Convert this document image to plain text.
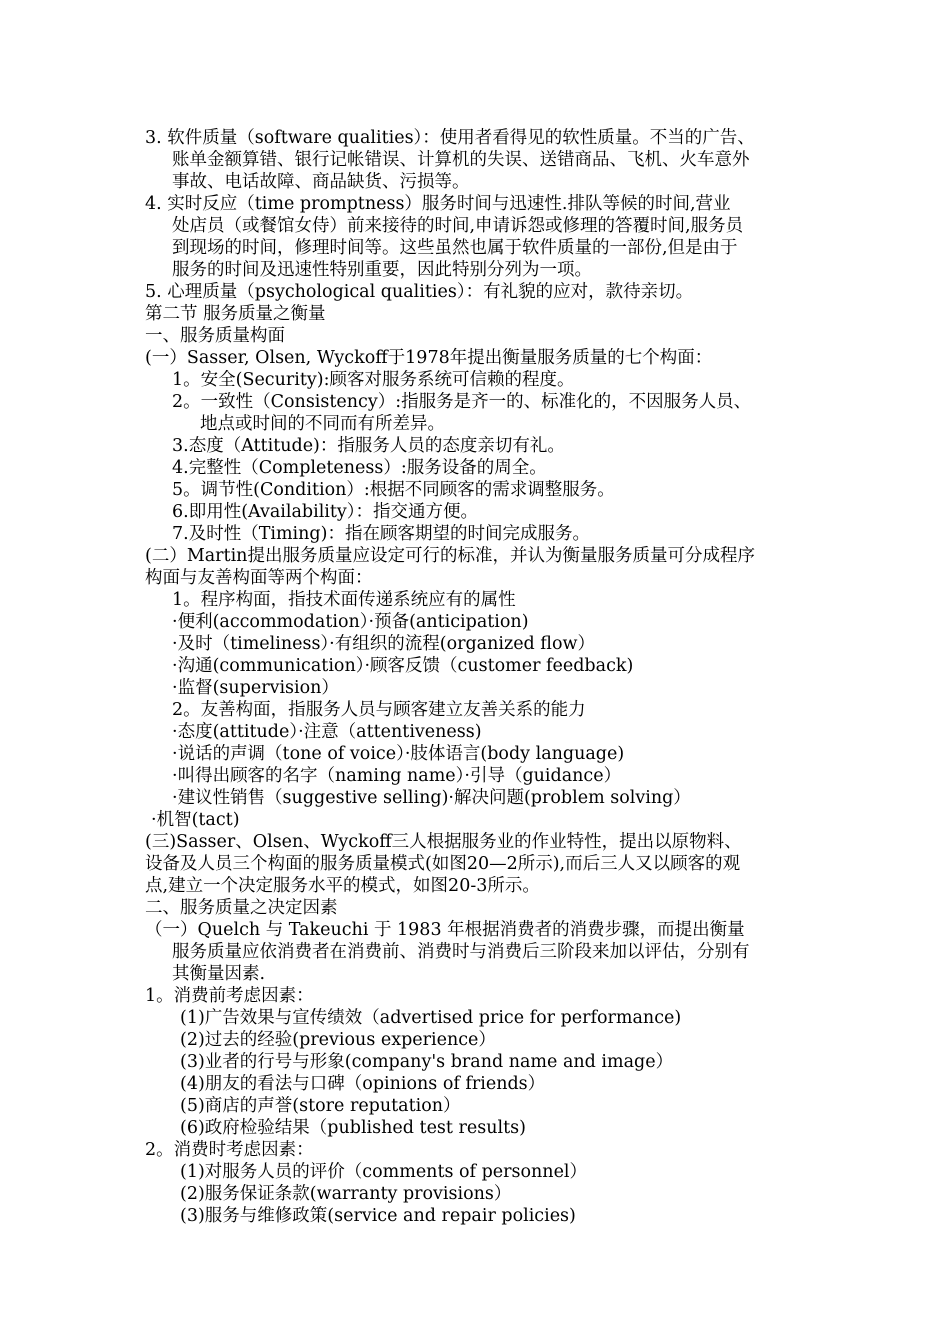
3. 软件质量（software qualities）：使用者看得见的软性质量。不当的广告、
账单金额算错、银行记帐错误、计算机的失误、送错商品、飞机、火车意外
事故、电话故障、商品缺货、污损等。
4. 实时反应（time promptness）服务时间与迅速性.排队等候的时间,营业
处店员（或餐馆女侍）前来接待的时间,申请诉怨或修理的答覆时间,服务员
到现场的时间，修理时间等。这些虽然也属于软件质量的一部份,但是由于
服务的时间及迅速性特别重要，因此特别分列为一项。
5. 心理质量（psychological qualities）：有礼貌的应对，款待亲切。
第二节 服务质量之衡量
一、服务质量构面
(一）Sasser, Olsen, Wyckoff于1978年提出衡量服务质量的七个构面：
1。安全(Security):顾客对服务系统可信赖的程度。
2。一致性（Consistency）:指服务是齐一的、标准化的，不因服务人员、
地点或时间的不同而有所差异。
3.态度（Attitude)：指服务人员的态度亲切有礼。
4.完整性（Completeness）:服务设备的周全。
5。调节性(Condition）:根据不同顾客的需求调整服务。
6.即用性(Availability）：指交通方便。
7.及时性（Timing)：指在顾客期望的时间完成服务。
(二）Martin提出服务质量应设定可行的标准，并认为衡量服务质量可分成程序
构面与友善构面等两个构面：
1。程序构面，指技术面传递系统应有的属性
·便利(accommodation）·预备(anticipation)
·及时（timeliness）·有组织的流程(organized flow）
·沟通(communication）·顾客反馈（customer feedback)
·监督(supervision）
2。友善构面，指服务人员与顾客建立友善关系的能力
·态度(attitude）·注意（attentiveness)
·说话的声调（tone of voice）·肢体语言(body language)
·叫得出顾客的名字（naming name）·引导（guidance）
·建议性销售（suggestive selling)·解决问题(problem solving）
·机智(tact)
(三)Sasser、Olsen、Wyckoff三人根据服务业的作业特性，提出以原物料、
设备及人员三个构面的服务质量模式(如图20—2所示),而后三人又以顾客的观
点,建立一个决定服务水平的模式，如图20-3所示。
二、服务质量之决定因素
（一）Quelch 与 Takeuchi 于 1983 年根据消费者的消费步骤，而提出衡量
服务质量应依消费者在消费前、消费时与消费后三阶段来加以评估，分别有
其衡量因素.
1。消费前考虑因素：
(1)广告效果与宣传绩效（advertised price for performance)
(2)过去的经验(previous experience）
(3)业者的行号与形象(company's brand name and image）
(4)朋友的看法与口碑（opinions of friends）
(5)商店的声誉(store reputation）
(6)政府检验结果（published test results)
2。消费时考虑因素：
(1)对服务人员的评价（comments of personnel）
(2)服务保证条款(warranty provisions）
(3)服务与维修政策(service and repair policies)
